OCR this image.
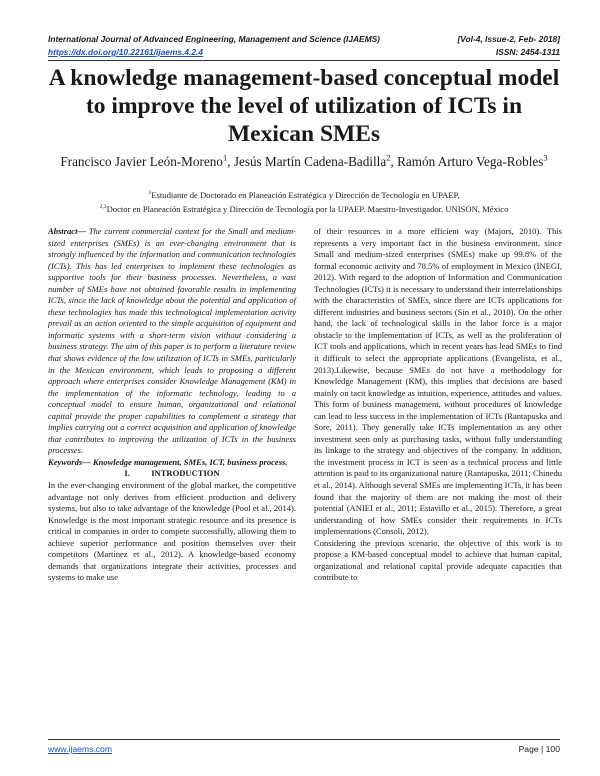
International Journal of Advanced Engineering, Management and Science (IJAEMS)	[Vol-4, Issue-2, Feb- 2018]
https://dx.doi.org/10.22161/ijaems.4.2.4	ISSN: 2454-1311
A knowledge management-based conceptual model to improve the level of utilization of ICTs in Mexican SMEs
Francisco Javier León-Moreno$^1$, Jesús Martín Cadena-Badilla$^2$, Ramón Arturo Vega-Robles$^3$
$^1$Estudiante de Doctorado en Planeación Estratégica y Dirección de Tecnología en UPAEP,
$^{2,3}$Doctor en Planeación Estratégica y Dirección de Tecnología por la UPAEP. Maestro-Investigador. UNISON, México

Abstract— The current commercial context for the Small and medium-sized enterprises (SMEs) is an ever-changing environment that is strongly influenced by the information and communication technologies (ICTs). This has led enterprises to implement these technologies as supportive tools for their business processes. Nevertheless, a vast number of SMEs have not obtained favorable results in implementing ICTs, since the lack of knowledge about the potential and application of these technologies has made this technological implementation activity prevail as an action oriented to the simple acquisition of equipment and informatic systems with a short-term vision without considering a business strategy. The aim of this paper is to perform a literature review that shows evidence of the low utilization of ICTs in SMEs, particularly in the Mexican environment, which leads to proposing a different approach where enterprises consider Knowledge Management (KM) in the implementation of the informatic technology, leading to a conceptual model to ensure human, organizational and relational capital provide the proper capabilities to complement a strategy that implies carrying out a correct acquisition and application of knowledge that contributes to improving the utilization of ICTs in the business processes.

Keywords— Knowledge management, SMEs, ICT, business process.

I.          INTRODUCTION

In the ever-changing environment of the global market, the competitive advantage not only derives from efficient production and delivery systems, but also to take advantage of the knowledge (Pool et al., 2014). Knowledge is the most important strategic resource and its presence is critical in companies in order to compete successfully, allowing them to achieve superior performance and position themselves over their competitors (Martínez et al., 2012). A knowledge-based economy demands that organizations integrate their activities, processes and systems to make use

of their resources in a more efficient way (Majors, 2010). This represents a very important fact in the business environment, since Small and medium-sized enterprises (SMEs) make up 99.8% of the formal economic activity and 78.5% of employment in Mexico (INEGI, 2012). With regard to the adoption of Information and Communication Technologies (ICTs) it is necessary to understand their interrelationships with the characteristics of SMEs, since there are ICTs applications for different industries and business sectors (Sin et al., 2010). On the other hand, the lack of technological skills in the labor force is a major obstacle to the implementation of ICTs, as well as the proliferation of ICT tools and applications, which in recent years has lead SMEs to find it difficult to select the appropriate applications (Evangelista, et al., 2013).Likewise, because SMEs do not have a methodology for Knowledge Management (KM), this implies that decisions are based mainly on tacit knowledge as intuition, experience, attitudes and values. This form of business management, without procedures of knowledge can lead to less success in the implementation of ICTs (Rantapuska and Sore, 2011). They generally take ICTs implementation as any other investment seen only as purchasing tasks, without fully understanding its linkage to the strategy and objectives of the company. In addition, the investment process in ICT is seen as a technical process and little attention is paid to its organizational nature (Rantapuska, 2011; Chinedu et al., 2014). Although several SMEs are implementing ICTs, it has been found that the majority of them are not making the most of their potential (ANIEI et al., 2011; Estavillo et al., 2015). Therefore, a great understanding of how SMEs consider their requirements in ICTs implementations (Consoli, 2012).

Considering the previous scenario, the objective of this work is to propose a KM-based conceptual model to achieve that human capital, organizational and relational capital provide adequate capacities that contribute to

www.ijaems.com	Page | 100
